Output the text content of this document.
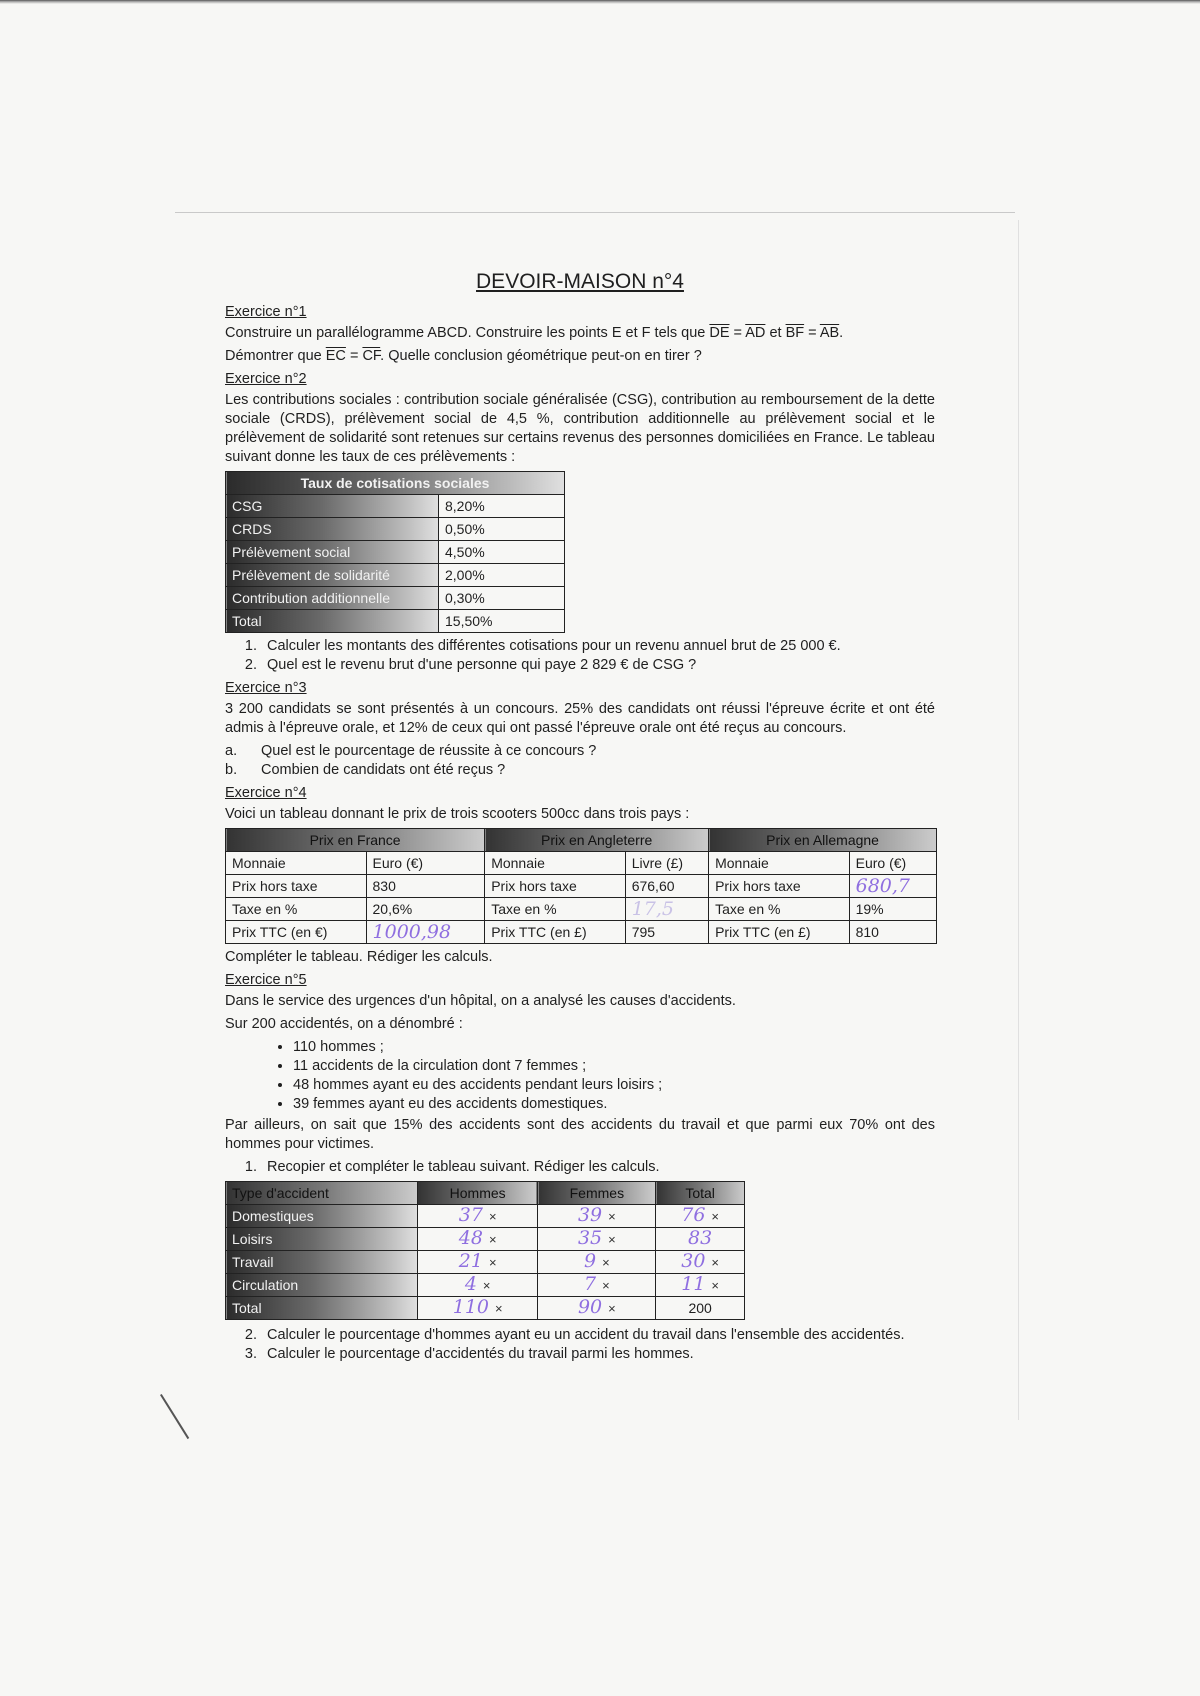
DEVOIR-MAISON n°4
Exercice n°1

Construire un parallélogramme ABCD. Construire les points E et F tels que $\overline{DE} = \overline{AD}$ et $\overline{BF} = \overline{AB}$.

Démontrer que $\overline{EC} = \overline{CF}$. Quelle conclusion géométrique peut-on en tirer ?

Exercice n°2

Les contributions sociales : contribution sociale généralisée (CSG), contribution au remboursement de la dette sociale (CRDS), prélèvement social de 4,5 %, contribution additionnelle au prélèvement social et le prélèvement de solidarité sont retenues sur certains revenus des personnes domiciliées en France. Le tableau suivant donne les taux de ces prélèvements :

Taux de cotisations sociales	
CSG	8,20%
CRDS	0,50%
Prélèvement social	4,50%
Prélèvement de solidarité	2,00%
Contribution additionnelle	0,30%
Total	15,50%
1. Calculer les montants des différentes cotisations pour un revenu annuel brut de 25 000 €.
2. Quel est le revenu brut d'une personne qui paye 2 829 € de CSG ?
Exercice n°3

3 200 candidats se sont présentés à un concours. 25% des candidats ont réussi l'épreuve écrite et ont été admis à l'épreuve orale, et 12% de ceux qui ont passé l'épreuve orale ont été reçus au concours.

a. Quel est le pourcentage de réussite à ce concours ?
b. Combien de candidats ont été reçus ?
Exercice n°4

Voici un tableau donnant le prix de trois scooters 500cc dans trois pays :

Prix en France		Prix en Angleterre		Prix en Allemagne	
Monnaie	Euro (€)	Monnaie	Livre (£)	Monnaie	Euro (€)
Prix hors taxe	830	Prix hors taxe	676,60	Prix hors taxe	680,7
Taxe en %	20,6%	Taxe en %	17,5	Taxe en %	19%
Prix TTC (en €)	1000,98	Prix TTC (en £)	795	Prix TTC (en £)	810

Compléter le tableau. Rédiger les calculs.

Exercice n°5

Dans le service des urgences d'un hôpital, on a analysé les causes d'accidents.

Sur 200 accidentés, on a dénombré :

• 110 hommes ;
• 11 accidents de la circulation dont 7 femmes ;
• 48 hommes ayant eu des accidents pendant leurs loisirs ;
• 39 femmes ayant eu des accidents domestiques.

Par ailleurs, on sait que 15% des accidents sont des accidents du travail et que parmi eux 70% ont des hommes pour victimes.

1. Recopier et compléter le tableau suivant. Rédiger les calculs.
Type d'accident	Hommes	Femmes	Total
Domestiques	37 ×	39 ×	76 ×
Loisirs	48 ×	35 ×	83
Travail	21 ×	9 ×	30 ×
Circulation	4 ×	7 ×	11 ×
Total	110 ×	90 ×	200
2. Calculer le pourcentage d'hommes ayant eu un accident du travail dans l'ensemble des accidentés.
3. Calculer le pourcentage d'accidentés du travail parmi les hommes.
